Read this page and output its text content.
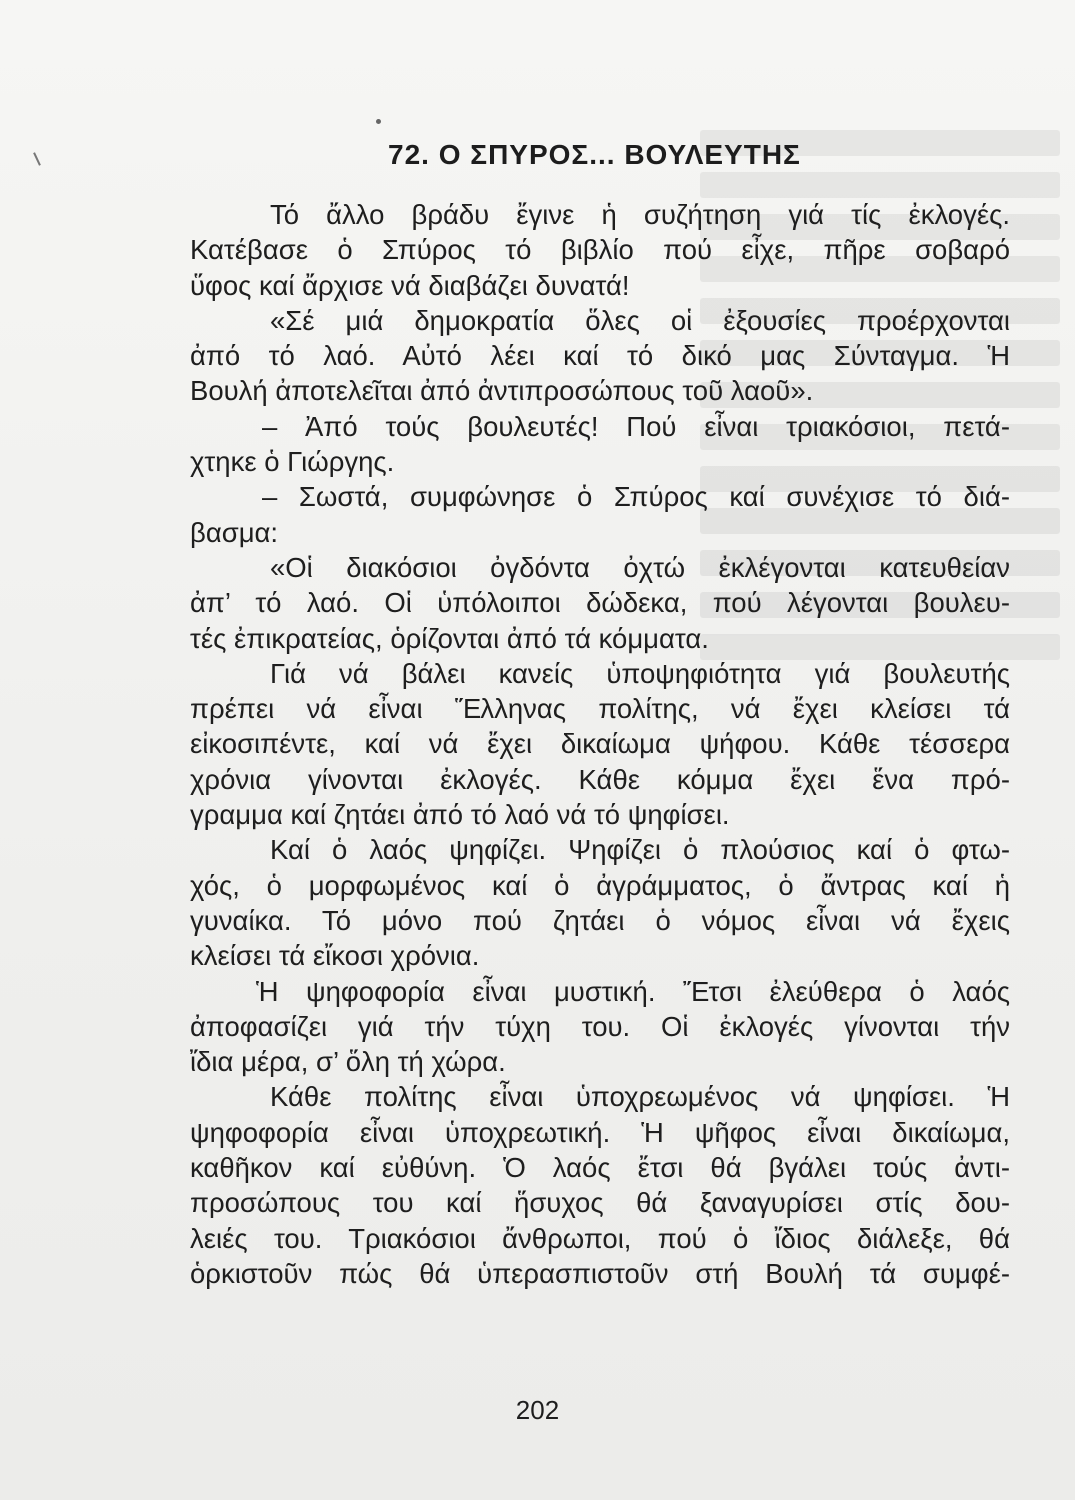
72. Ο ΣΠΥΡΟΣ... ΒΟΥΛΕΥΤΗΣ
Τό ἄλλο βράδυ ἔγινε ἡ συζήτηση γιά τίς ἐκλογές.
Κατέβασε ὁ Σπύρος τό βιβλίο πού εἶχε, πῆρε σοβαρό
ὕφος καί ἄρχισε νά διαβάζει δυνατά!
«Σέ μιά δημοκρατία ὅλες οἱ ἐξουσίες προέρχονται
ἀπό τό λαό. Αὐτό λέει καί τό δικό μας Σύνταγμα. Ἡ
Βουλή ἀποτελεῖται ἀπό ἀντιπροσώπους τοῦ λαοῦ».
– Ἀπό τούς βουλευτές! Πού εἶναι τριακόσιοι, πετά-
χτηκε ὁ Γιώργης.
– Σωστά, συμφώνησε ὁ Σπύρος καί συνέχισε τό διά-
βασμα:
«Οἱ διακόσιοι ὀγδόντα ὀχτώ ἐκλέγονται κατευθείαν
ἀπ’ τό λαό. Οἱ ὑπόλοιποι δώδεκα, πού λέγονται βουλευ-
τές ἐπικρατείας, ὁρίζονται ἀπό τά κόμματα.
Γιά νά βάλει κανείς ὑποψηφιότητα γιά βουλευτής
πρέπει νά εἶναι Ἕλληνας πολίτης, νά ἔχει κλείσει τά
εἰκοσιπέντε, καί νά ἔχει δικαίωμα ψήφου. Κάθε τέσσερα
χρόνια γίνονται ἐκλογές. Κάθε κόμμα ἔχει ἕνα πρό-
γραμμα καί ζητάει ἀπό τό λαό νά τό ψηφίσει.
Καί ὁ λαός ψηφίζει. Ψηφίζει ὁ πλούσιος καί ὁ φτω-
χός, ὁ μορφωμένος καί ὁ ἀγράμματος, ὁ ἄντρας καί ἡ
γυναίκα. Τό μόνο πού ζητάει ὁ νόμος εἶναι νά ἔχεις
κλείσει τά εἴκοσι χρόνια.
Ἡ ψηφοφορία εἶναι μυστική. Ἔτσι ἐλεύθερα ὁ λαός
ἀποφασίζει γιά τήν τύχη του. Οἱ ἐκλογές γίνονται τήν
ἴδια μέρα, σ’ ὅλη τή χώρα.
Κάθε πολίτης εἶναι ὑποχρεωμένος νά ψηφίσει. Ἡ
ψηφοφορία εἶναι ὑποχρεωτική. Ἡ ψῆφος εἶναι δικαίωμα,
καθῆκον καί εὐθύνη. Ὁ λαός ἔτσι θά βγάλει τούς ἀντι-
προσώπους του καί ἥσυχος θά ξαναγυρίσει στίς δου-
λειές του. Τριακόσιοι ἄνθρωποι, πού ὁ ἴδιος διάλεξε, θά
ὁρκιστοῦν πώς θά ὑπερασπιστοῦν στή Βουλή τά συμφέ-
202
